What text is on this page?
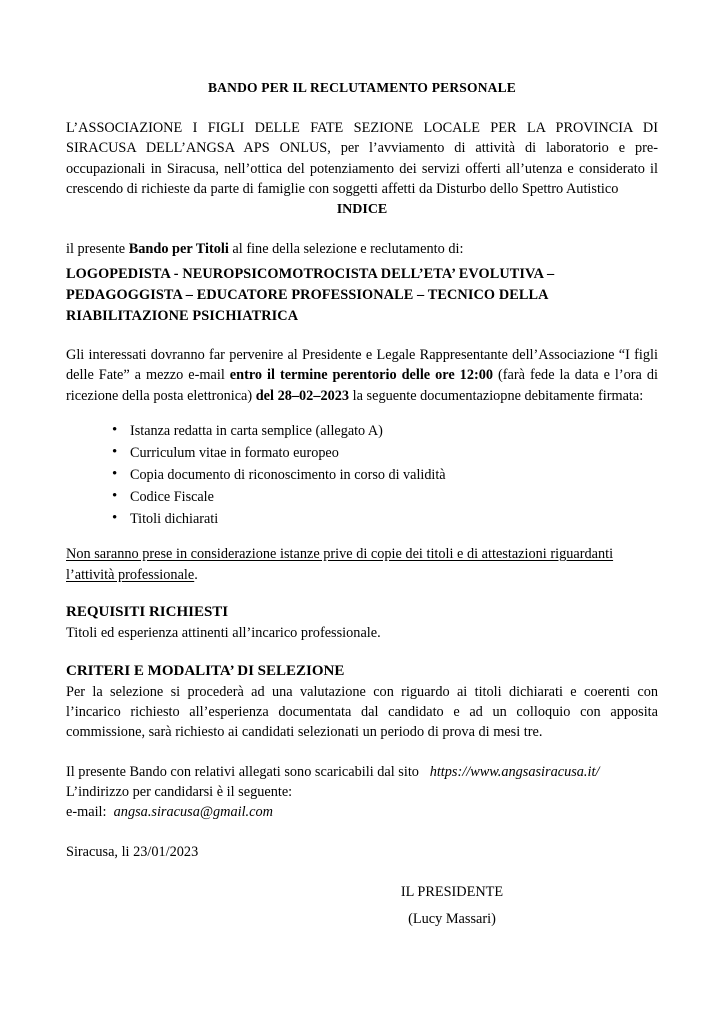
BANDO PER IL RECLUTAMENTO PERSONALE

L’ASSOCIAZIONE I FIGLI DELLE FATE SEZIONE LOCALE PER LA PROVINCIA DI SIRACUSA DELL’ANGSA APS ONLUS, per l’avviamento di attività di laboratorio e pre-occupazionali in Siracusa, nell’ottica del potenziamento dei servizi offerti all’utenza e considerato il crescendo di richieste da parte di famiglie con soggetti affetti da Disturbo dello Spettro Autistico

INDICE

il presente Bando per Titoli al fine della selezione e reclutamento di:

LOGOPEDISTA - NEUROPSICOMOTROCISTA DELL’ETA’ EVOLUTIVA –
PEDAGOGGISTA – EDUCATORE PROFESSIONALE – TECNICO DELLA
RIABILITAZIONE PSICHIATRICA

Gli interessati dovranno far pervenire al Presidente e Legale Rappresentante dell’Associazione “I figli delle Fate” a mezzo e-mail entro il termine perentorio delle ore 12:00 (farà fede la data e l’ora di ricezione della posta elettronica) del 28–02–2023 la seguente documentaziopne debitamente firmata:

• Istanza redatta in carta semplice (allegato A)
• Curriculum vitae in formato europeo
• Copia documento di riconoscimento in corso di validità
• Codice Fiscale
• Titoli dichiarati

Non saranno prese in considerazione istanze prive di copie dei titoli e di attestazioni riguardanti
l’attività professionale.

REQUISITI RICHIESTI

Titoli ed esperienza attinenti all’incarico professionale.

CRITERI E MODALITA’ DI SELEZIONE

Per la selezione si procederà ad una valutazione con riguardo ai titoli dichiarati e coerenti con l’incarico richiesto all’esperienza documentata dal candidato e ad un colloquio con apposita commissione, sarà richiesto ai candidati selezionati un periodo di prova di mesi tre.

Il presente Bando con relativi allegati sono scaricabili dal sito https://www.angsasiracusa.it/

L’indirizzo per candidarsi è il seguente:

e-mail: angsa.siracusa@gmail.com

Siracusa, li 23/01/2023

IL PRESIDENTE
(Lucy Massari)
